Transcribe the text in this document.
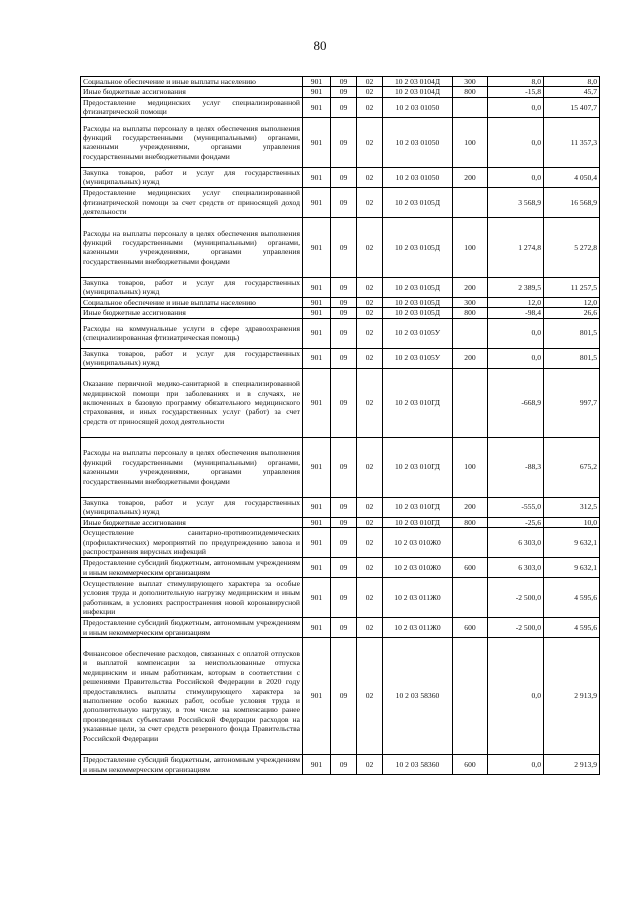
80
Социальное обеспечение и иные выплаты населению	901	09	02	10 2 03 0104Д	300	8,0	8,0
Иные бюджетные ассигнования	901	09	02	10 2 03 0104Д	800	-15,8	45,7
Предоставление медицинских услуг специализированной фтизиатрической помощи	901	09	02	10 2 03 01050		0,0	15 407,7
Расходы на выплаты персоналу в целях обеспечения выполнения функций государственными (муниципальными) органами, казенными учреждениями, органами управления государственными внебюджетными фондами	901	09	02	10 2 03 01050	100	0,0	11 357,3
Закупка товаров, работ и услуг для государственных (муниципальных) нужд	901	09	02	10 2 03 01050	200	0,0	4 050,4
Предоставление медицинских услуг специализированной фтизиатрической помощи за счет средств от приносящей доход деятельности	901	09	02	10 2 03 0105Д		3 568,9	16 568,9
Расходы на выплаты персоналу в целях обеспечения выполнения функций государственными (муниципальными) органами, казенными учреждениями, органами управления государственными внебюджетными фондами	901	09	02	10 2 03 0105Д	100	1 274,8	5 272,8
Закупка товаров, работ и услуг для государственных (муниципальных) нужд	901	09	02	10 2 03 0105Д	200	2 389,5	11 257,5
Социальное обеспечение и иные выплаты населению	901	09	02	10 2 03 0105Д	300	12,0	12,0
Иные бюджетные ассигнования	901	09	02	10 2 03 0105Д	800	-98,4	26,6
Расходы на коммунальные услуги в сфере здравоохранения (специализированная фтизиатрическая помощь)	901	09	02	10 2 03 0105У		0,0	801,5
Закупка товаров, работ и услуг для государственных (муниципальных) нужд	901	09	02	10 2 03 0105У	200	0,0	801,5
Оказание первичной медико-санитарной в специализированной медицинской помощи при заболеваниях и в случаях, не включенных в базовую программу обязательного медицинского страхования, и иных государственных услуг (работ) за счет средств от приносящей доход деятельности	901	09	02	10 2 03 010ГД		-668,9	997,7
Расходы на выплаты персоналу в целях обеспечения выполнения функций государственными (муниципальными) органами, казенными учреждениями, органами управления государственными внебюджетными фондами	901	09	02	10 2 03 010ГД	100	-88,3	675,2
Закупка товаров, работ и услуг для государственных (муниципальных) нужд	901	09	02	10 2 03 010ГД	200	-555,0	312,5
Иные бюджетные ассигнования	901	09	02	10 2 03 010ГД	800	-25,6	10,0
Осуществление санитарно-противоэпидемических (профилактических) мероприятий по предупреждению завоза и распространения вирусных инфекций	901	09	02	10 2 03 010Ж0		6 303,0	9 632,1
Предоставление субсидий бюджетным, автономным учреждениям и иным некоммерческим организациям	901	09	02	10 2 03 010Ж0	600	6 303,0	9 632,1
Осуществление выплат стимулирующего характера за особые условия труда и дополнительную нагрузку медицинским и иным работникам, в условиях распространения новой коронавирусной инфекции	901	09	02	10 2 03 011Ж0		-2 500,0	4 595,6
Предоставление субсидий бюджетным, автономным учреждениям и иным некоммерческим организациям	901	09	02	10 2 03 011Ж0	600	-2 500,0	4 595,6
Финансовое обеспечение расходов, связанных с оплатой отпусков и выплатой компенсации за неиспользованные отпуска медицинским и иным работникам, которым в соответствии с решениями Правительства Российской Федерации в 2020 году предоставлялись выплаты стимулирующего характера за выполнение особо важных работ, особые условия труда и дополнительную нагрузку, в том числе на компенсацию ранее произведенных субъектами Российской Федерации расходов на указанные цели, за счет средств резервного фонда Правительства Российской Федерации	901	09	02	10 2 03 58360		0,0	2 913,9
Предоставление субсидий бюджетным, автономным учреждениям и иным некоммерческим организациям	901	09	02	10 2 03 58360	600	0,0	2 913,9
